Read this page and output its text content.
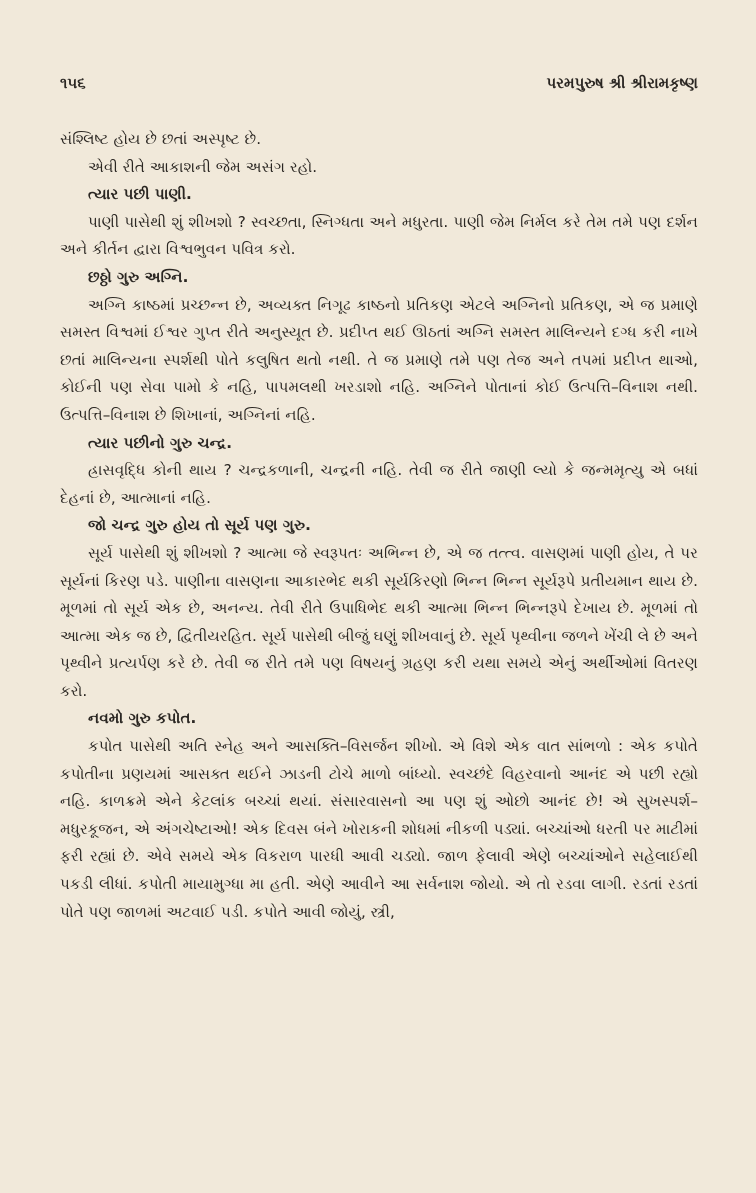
૧૫૬	પરમપુરુષ શ્રી શ્રીરામકૃષ્ણ

સંશ્લિષ્ટ હોય છે છતાં અસ્પૃષ્ટ છે.

એવી રીતે આકાશની જેમ અસંગ રહો.

ત્યાર પછી પાણી.

પાણી પાસેથી શું શીખશો ? સ્વચ્છતા, સ્નિગ્ધતા અને મધુરતા. પાણી જેમ નિર્મલ કરે તેમ તમે પણ દર્શન અને કીર્તન દ્વારા વિશ્વભુવન પવિત્ર કરો.

છઠ્ઠો ગુરુ અગ્નિ.

અગ્નિ કાષ્ઠમાં પ્રચ્છન્ન છે, અવ્યક્ત નિગૂઢ કાષ્ઠનો પ્રતિકણ એટલે અગ્નિનો પ્રતિકણ, એ જ પ્રમાણે સમસ્ત વિશ્વમાં ઈશ્વર ગુપ્ત રીતે અનુસ્યૂત છે. પ્રદીપ્ત થઈ ઊઠતાં અગ્નિ સમસ્ત માલિન્યને દગ્ધ કરી નાખે છતાં માલિન્યના સ્પર્શથી પોતે કલુષિત થતો નથી. તે જ પ્રમાણે તમે પણ તેજ અને તપમાં પ્રદીપ્ત થાઓ, કોઈની પણ સેવા પામો કે નહિ, પાપમલથી ખરડાશો નહિ. અગ્નિને પોતાનાં કોઈ ઉત્પત્તિ–વિનાશ નથી. ઉત્પત્તિ–વિનાશ છે શિખાનાં, અગ્નિનાં નહિ.

ત્યાર પછીનો ગુરુ ચન્દ્ર.

હ્રાસવૃદ્ધિ કોની થાય ? ચન્દ્રકળાની, ચન્દ્રની નહિ. તેવી જ રીતે જાણી લ્યો કે જન્મમૃત્યુ એ બધાં દેહનાં છે, આત્માનાં નહિ.

જો ચન્દ્ર ગુરુ હોય તો સૂર્ય પણ ગુરુ.

સૂર્ય પાસેથી શું શીખશો ? આત્મા જે સ્વરૂપતઃ અભિન્ન છે, એ જ તત્ત્વ. વાસણમાં પાણી હોય, તે પર સૂર્યનાં કિરણ પડે. પાણીના વાસણના આકારભેદ થકી સૂર્યકિરણો ભિન્ન ભિન્ન સૂર્યરૂપે પ્રતીયમાન થાય છે. મૂળમાં તો સૂર્ય એક છે, અનન્ય. તેવી રીતે ઉપાધિભેદ થકી આત્મા ભિન્ન ભિન્નરૂપે દેખાય છે. મૂળમાં તો આત્મા એક જ છે, દ્વિતીયરહિત. સૂર્ય પાસેથી બીજું ઘણું શીખવાનું છે. સૂર્ય પૃથ્વીના જળને ખેંચી લે છે અને પૃથ્વીને પ્રત્યર્પણ કરે છે. તેવી જ રીતે તમે પણ વિષયનું ગ્રહણ કરી યથા સમયે એનું અર્થીઓમાં વિતરણ કરો.

નવમો ગુરુ કપોત.

કપોત પાસેથી અતિ સ્નેહ અને આસક્તિ–વિસર્જન શીખો. એ વિશે એક વાત સાંભળો : એક કપોતે કપોતીના પ્રણયમાં આસક્ત થઈને ઝાડની ટોચે માળો બાંધ્યો. સ્વચ્છંદે વિહરવાનો આનંદ એ પછી રહ્યો નહિ. કાળક્રમે એને કેટલાંક બચ્ચાં થયાં. સંસારવાસનો આ પણ શું ઓછો આનંદ છે! એ સુખસ્પર્શ–મધુરકૂજન, એ અંગચેષ્ટાઓ! એક દિવસ બંને ખોરાકની શોધમાં નીકળી પડ્યાં. બચ્ચાંઓ ધરતી પર માટીમાં ફરી રહ્યાં છે. એવે સમયે એક વિકરાળ પારધી આવી ચડ્યો. જાળ ફેલાવી એણે બચ્ચાંઓને સહેલાઈથી પકડી લીધાં. કપોતી માયામુગ્ધા મા હતી. એણે આવીને આ સર્વનાશ જોયો. એ તો રડવા લાગી. રડતાં રડતાં પોતે પણ જાળમાં અટવાઈ પડી. કપોતે આવી જોયું, સ્ત્રી,
